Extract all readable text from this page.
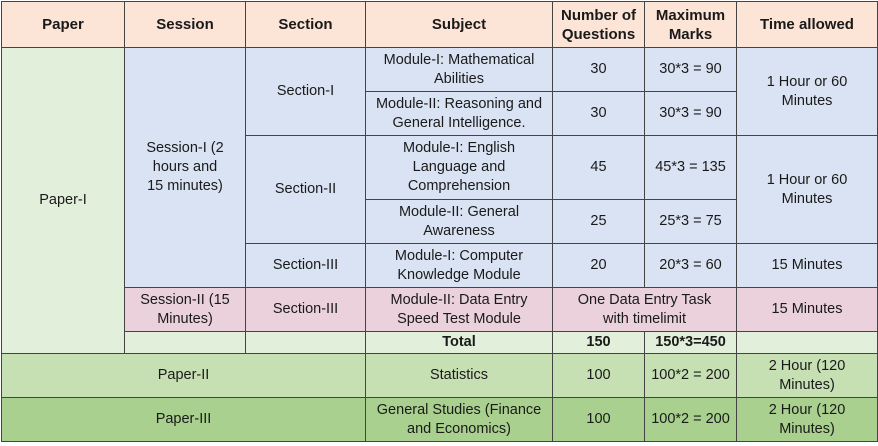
Paper	Session	Section	Subject	Number of Questions	Maximum Marks	Time allowed
Paper-I	Session-I (2 hours and 15 minutes)	Section-I	Module-I: Mathematical Abilities	30	30*3 = 90	1 Hour or 60 Minutes
			Module-II: Reasoning and General Intelligence.	30	30*3 = 90	
		Section-II	Module-I: English Language and Comprehension	45	45*3 = 135	1 Hour or 60 Minutes
			Module-II: General Awareness	25	25*3 = 75	
		Section-III	Module-I: Computer Knowledge Module	20	20*3 = 60	15 Minutes
	Session-II (15 Minutes)	Section-III	Module-II: Data Entry Speed Test Module	One Data Entry Task with timelimit		15 Minutes
			Total	150	150*3=450	
Paper-II			Statistics	100	100*2 = 200	2 Hour (120 Minutes)
Paper-III			General Studies (Finance and Economics)	100	100*2 = 200	2 Hour (120 Minutes)
